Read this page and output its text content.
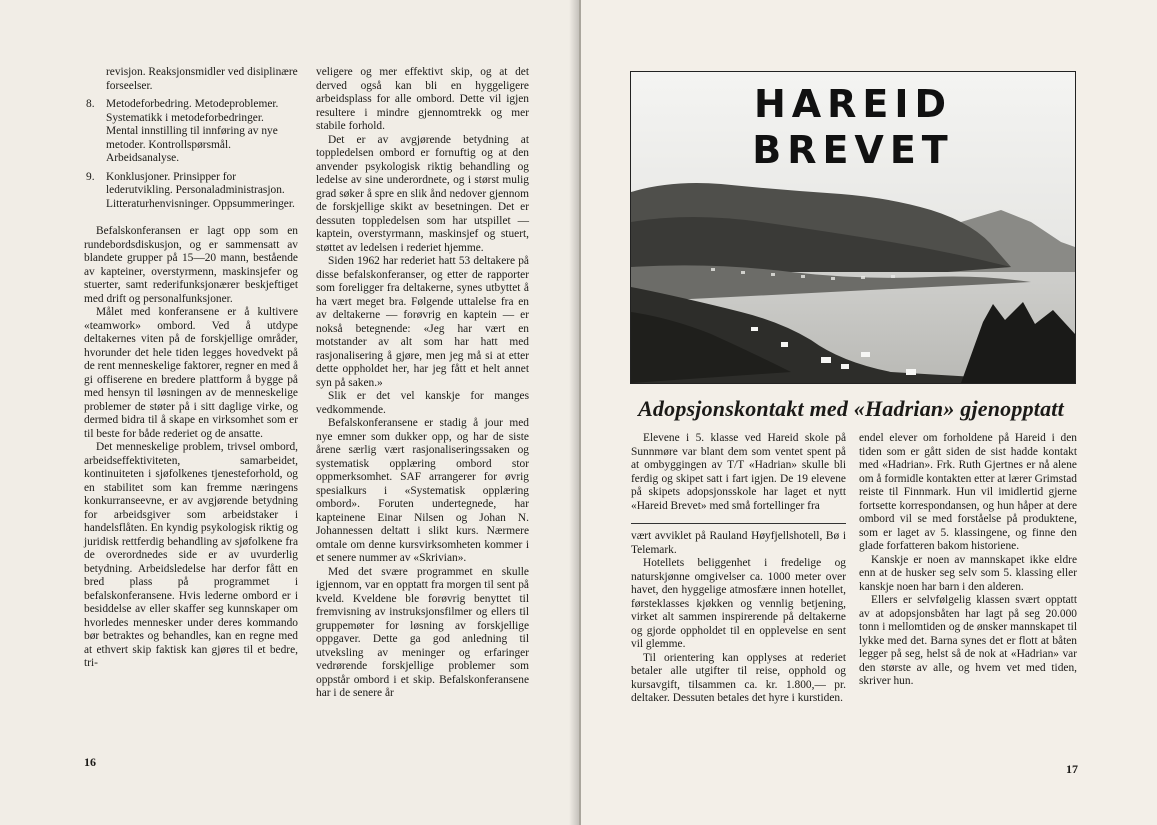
revisjon. Reaksjonsmidler ved disiplinære forseelser.
8. Metodeforbedring. Metodeproblemer. Systematikk i metodeforbedringer. Mental innstilling til innføring av nye metoder. Kontrollspørsmål. Arbeidsanalyse.
9. Konklusjoner. Prinsipper for lederutvikling. Personaladministrasjon. Litteraturhenvisninger. Oppsummeringer.

Befalskonferansen er lagt opp som en rundebordsdiskusjon, og er sammensatt av blandete grupper på 15—20 mann, bestående av kapteiner, overstyrmenn, maskinsjefer og stuerter, samt rederifunksjonærer beskjeftiget med drift og personalfunksjoner.

Målet med konferansene er å kultivere «teamwork» ombord. Ved å utdype deltakernes viten på de forskjellige områder, hvorunder det hele tiden legges hovedvekt på de rent menneskelige faktorer, regner en med å gi offiserene en bredere plattform å bygge på med hensyn til løsningen av de menneskelige problemer de støter på i sitt daglige virke, og dermed bidra til å skape en virksomhet som er til beste for både rederiet og de ansatte.

Det menneskelige problem, trivsel ombord, arbeidseffektiviteten, samarbeidet, kontinuiteten i sjøfolkenes tjenesteforhold, og en stabilitet som kan fremme næringens konkurranseevne, er av avgjørende betydning for arbeidsgiver som arbeidstaker i handelsflåten. En kyndig psykologisk riktig og juridisk rettferdig behandling av sjøfolkene fra de overordnedes side er av uvurderlig betydning. Arbeidsledelse har derfor fått en bred plass på programmet i befalskonferansene. Hvis lederne ombord er i besiddelse av eller skaffer seg kunnskaper om hvorledes mennesker under deres kommando bør betraktes og behandles, kan en regne med at ethvert skip faktisk kan gjøres til et bedre, tri-

veligere og mer effektivt skip, og at det derved også kan bli en hyggeligere arbeidsplass for alle ombord. Dette vil igjen resultere i mindre gjennomtrekk og mer stabile forhold.

Det er av avgjørende betydning at toppledelsen ombord er fornuftig og at den anvender psykologisk riktig behandling og ledelse av sine underordnete, og i størst mulig grad søker å spre en slik ånd nedover gjennom de forskjellige skikt av besetningen. Det er dessuten toppledelsen som har utspillet — kaptein, overstyrmann, maskinsjef og stuert, støttet av ledelsen i rederiet hjemme.

Siden 1962 har rederiet hatt 53 deltakere på disse befalskonferanser, og etter de rapporter som foreligger fra deltakerne, synes utbyttet å ha vært meget bra. Følgende uttalelse fra en av deltakerne — forøvrig en kaptein — er nokså betegnende: «Jeg har vært en motstander av alt som har hatt med rasjonalisering å gjøre, men jeg må si at etter dette oppholdet her, har jeg fått et helt annet syn på saken.»

Slik er det vel kanskje for manges vedkommende.

Befalskonferansene er stadig å jour med nye emner som dukker opp, og har de siste årene særlig vært rasjonaliseringssaken og systematisk opplæring ombord stor oppmerksomhet. SAF arrangerer for øvrig spesialkurs i «Systematisk opplæring ombord». Foruten undertegnede, har kapteinene Einar Nilsen og Johan N. Johannessen deltatt i slikt kurs. Nærmere omtale om denne kursvirksomheten kommer i et senere nummer av «Skrivian».

Med det svære programmet en skulle igjennom, var en opptatt fra morgen til sent på kveld. Kveldene ble forøvrig benyttet til fremvisning av instruksjonsfilmer og ellers til gruppemøter for løsning av forskjellige oppgaver. Dette ga god anledning til utveksling av meninger og erfaringer vedrørende forskjellige problemer som oppstår ombord i et skip. Befalskonferansene har i de senere år

16
HAREID
BREVET
Adopsjonskontakt med «Hadrian» gjenopptatt

Elevene i 5. klasse ved Hareid skole på Sunnmøre var blant dem som ventet spent på at ombyggingen av T/T «Hadrian» skulle bli ferdig og skipet satt i fart igjen. De 19 elevene på skipets adopsjonsskole har laget et nytt «Hareid Brevet» med små fortellinger fra

vært avviklet på Rauland Høyfjellshotell, Bø i Telemark.

Hotellets beliggenhet i fredelige og naturskjønne omgivelser ca. 1000 meter over havet, den hyggelige atmosfære innen hotellet, førsteklasses kjøkken og vennlig betjening, virket alt sammen inspirerende på deltakerne og gjorde oppholdet til en opplevelse en sent vil glemme.

Til orientering kan opplyses at rederiet betaler alle utgifter til reise, opphold og kursavgift, tilsammen ca. kr. 1.800,— pr. deltaker. Dessuten betales det hyre i kurstiden.

endel elever om forholdene på Hareid i den tiden som er gått siden de sist hadde kontakt med «Hadrian». Frk. Ruth Gjertnes er nå alene om å formidle kontakten etter at lærer Grimstad reiste til Finnmark. Hun vil imidlertid gjerne fortsette korrespondansen, og hun håper at dere ombord vil se med forståelse på produktene, som er laget av 5. klassingene, og finne den glade forfatteren bakom historiene.

Kanskje er noen av mannskapet ikke eldre enn at de husker seg selv som 5. klassing eller kanskje noen har barn i den alderen.

Ellers er selvfølgelig klassen svært opptatt av at adopsjonsbåten har lagt på seg 20.000 tonn i mellomtiden og de ønsker mannskapet til lykke med det. Barna synes det er flott at båten legger på seg, helst så de nok at «Hadrian» var den største av alle, og hvem vet med tiden, skriver hun.

17
